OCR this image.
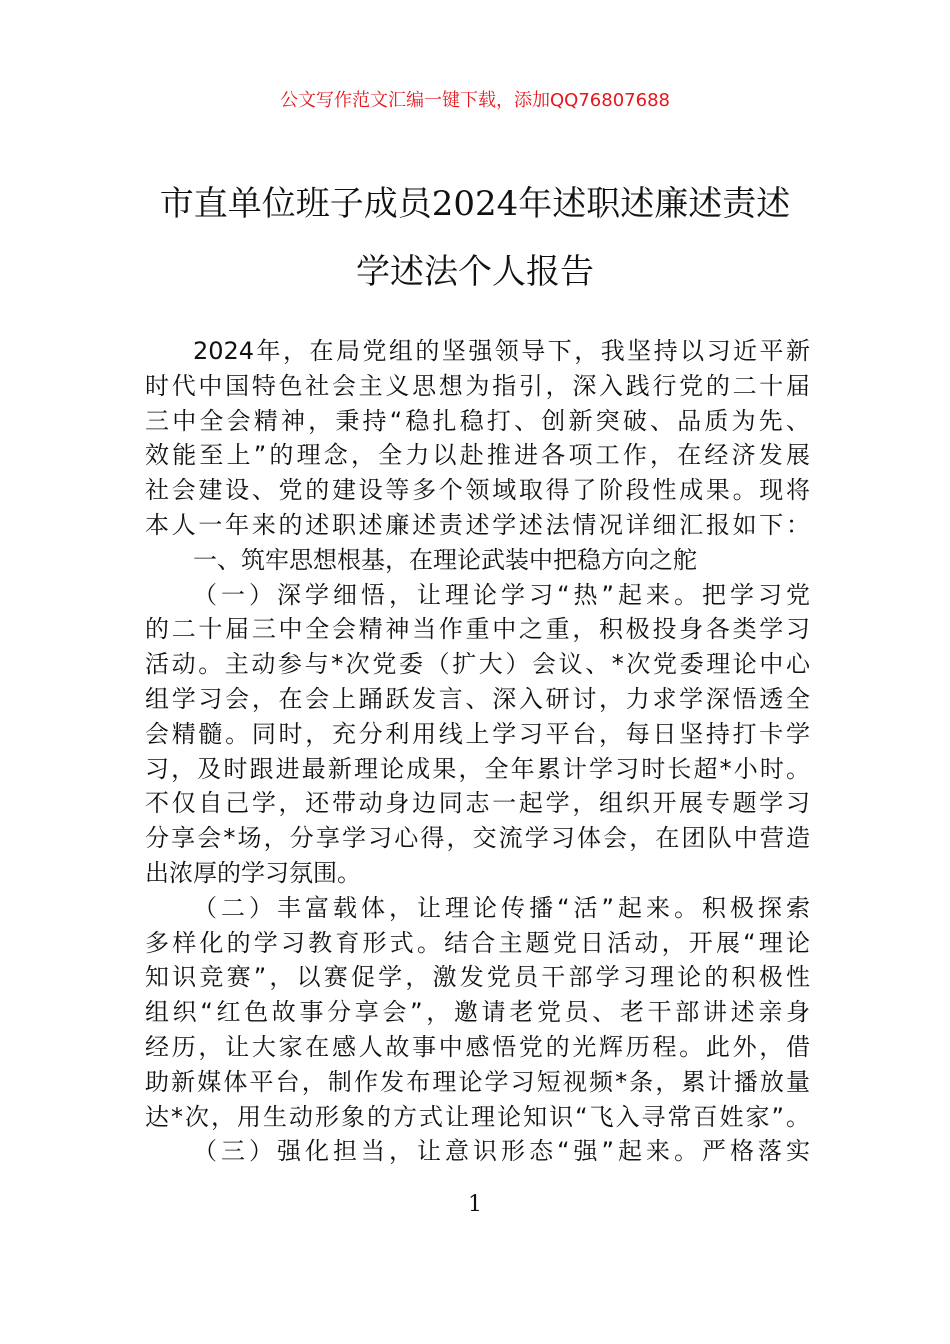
公文写作范文汇编一键下载，添加QQ76807688
市直单位班子成员2024年述职述廉述责述
学述法个人报告
2024年，在局党组的坚强领导下，我坚持以习近平新
时代中国特色社会主义思想为指引，深入践行党的二十届
三中全会精神，秉持“稳扎稳打、创新突破、品质为先、
效能至上”的理念，全力以赴推进各项工作，在经济发展
社会建设、党的建设等多个领域取得了阶段性成果。现将
本人一年来的述职述廉述责述学述法情况详细汇报如下：
一、筑牢思想根基，在理论武装中把稳方向之舵
（一）深学细悟，让理论学习“热”起来。把学习党
的二十届三中全会精神当作重中之重，积极投身各类学习
活动。主动参与*次党委（扩大）会议、*次党委理论中心
组学习会，在会上踊跃发言、深入研讨，力求学深悟透全
会精髓。同时，充分利用线上学习平台，每日坚持打卡学
习，及时跟进最新理论成果，全年累计学习时长超*小时。
不仅自己学，还带动身边同志一起学，组织开展专题学习
分享会*场，分享学习心得，交流学习体会，在团队中营造
出浓厚的学习氛围。
（二）丰富载体，让理论传播“活”起来。积极探索
多样化的学习教育形式。结合主题党日活动，开展“理论
知识竞赛”，以赛促学，激发党员干部学习理论的积极性
组织“红色故事分享会”，邀请老党员、老干部讲述亲身
经历，让大家在感人故事中感悟党的光辉历程。此外，借
助新媒体平台，制作发布理论学习短视频*条，累计播放量
达*次，用生动形象的方式让理论知识“飞入寻常百姓家”。
（三）强化担当，让意识形态“强”起来。严格落实
1
